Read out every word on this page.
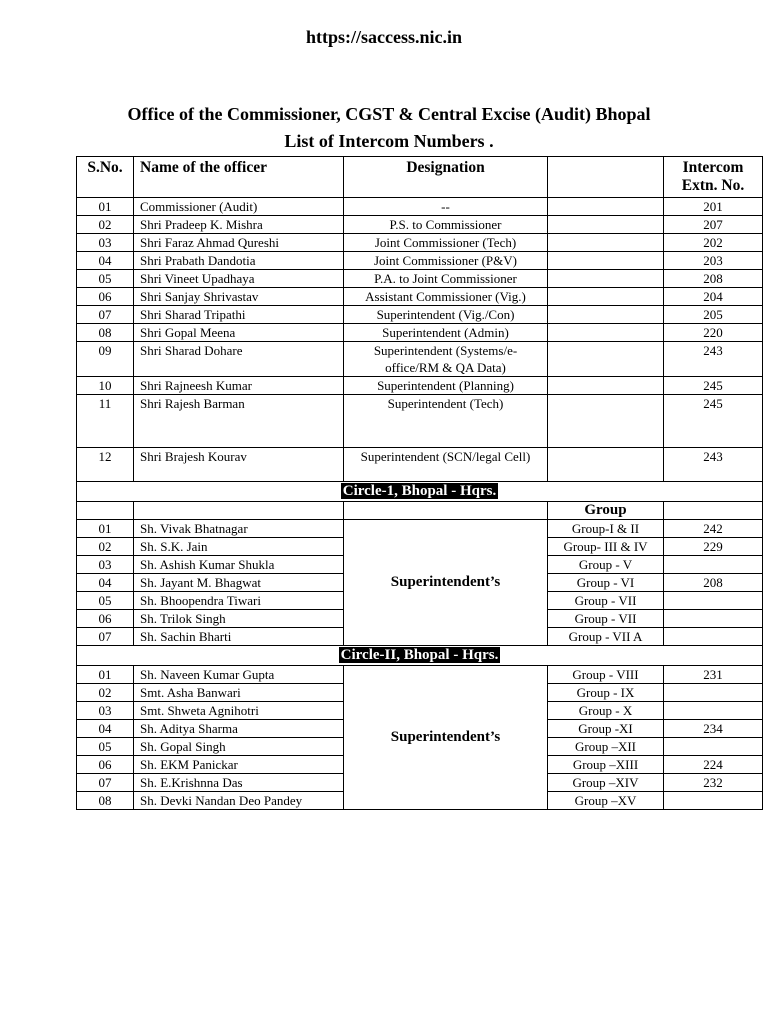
https://saccess.nic.in
Office of the Commissioner, CGST & Central Excise (Audit) Bhopal
List of Intercom Numbers .
S.No.	Name of the officer	Designation		Intercom Extn. No.
01	Commissioner (Audit)	--		201
02	Shri Pradeep K. Mishra	P.S. to Commissioner		207
03	Shri Faraz Ahmad Qureshi	Joint Commissioner (Tech)		202
04	Shri Prabath Dandotia	Joint Commissioner (P&V)		203
05	Shri Vineet Upadhaya	P.A. to Joint Commissioner		208
06	Shri Sanjay Shrivastav	Assistant Commissioner (Vig.)		204
07	Shri Sharad Tripathi	Superintendent (Vig./Con)		205
08	Shri Gopal Meena	Superintendent (Admin)		220
09	Shri Sharad Dohare	Superintendent (Systems/e-office/RM & QA Data)		243
10	Shri Rajneesh Kumar	Superintendent (Planning)		245
11	Shri Rajesh Barman	Superintendent (Tech)		245
12	Shri Brajesh Kourav	Superintendent (SCN/legal Cell)		243
Circle-1, Bhopal - Hqrs.				
			Group	
01	Sh. Vivak Bhatnagar	Superintendent’s	Group-I & II	242
02	Sh. S.K. Jain		Group- III & IV	229
03	Sh. Ashish Kumar Shukla		Group - V	
04	Sh. Jayant M. Bhagwat		Group - VI	208
05	Sh. Bhoopendra Tiwari		Group - VII	
06	Sh. Trilok Singh		Group - VII	
07	Sh. Sachin Bharti		Group - VII A	
Circle-II, Bhopal - Hqrs.				
01	Sh. Naveen Kumar Gupta	Superintendent’s	Group - VIII	231
02	Smt. Asha Banwari		Group - IX	
03	Smt. Shweta Agnihotri		Group - X	
04	Sh. Aditya Sharma		Group -XI	234
05	Sh. Gopal Singh		Group –XII	
06	Sh. EKM Panickar		Group –XIII	224
07	Sh. E.Krishnna Das		Group –XIV	232
08	Sh. Devki Nandan Deo Pandey		Group –XV	
